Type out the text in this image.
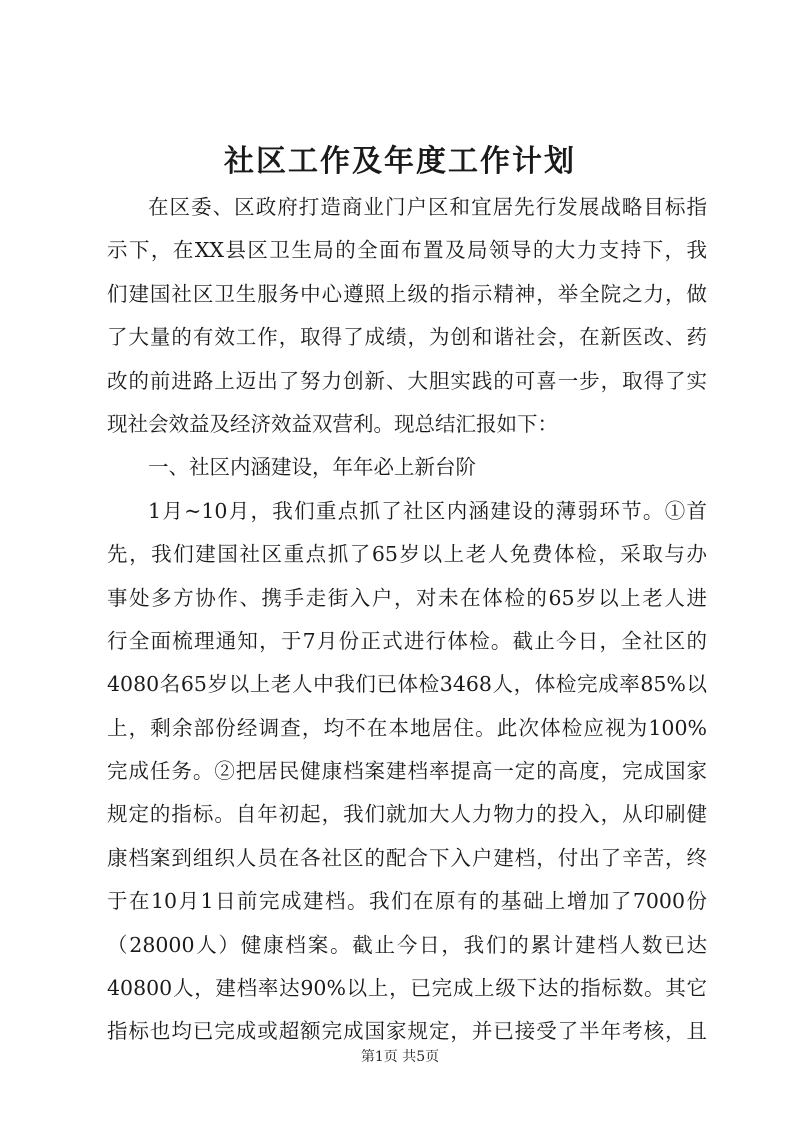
社区工作及年度工作计划
在区委、区政府打造商业门户区和宜居先行发展战略目标指
示下，在XX县区卫生局的全面布置及局领导的大力支持下，我
们建国社区卫生服务中心遵照上级的指示精神，举全院之力，做
了大量的有效工作，取得了成绩，为创和谐社会，在新医改、药
改的前进路上迈出了努力创新、大胆实践的可喜一步，取得了实
现社会效益及经济效益双营利。现总结汇报如下：
一、社区内涵建设，年年必上新台阶
1月~10月，我们重点抓了社区内涵建设的薄弱环节。①首
先，我们建国社区重点抓了65岁以上老人免费体检，采取与办
事处多方协作、携手走街入户，对未在体检的65岁以上老人进
行全面梳理通知，于7月份正式进行体检。截止今日，全社区的
4080名65岁以上老人中我们已体检3468人，体检完成率85%以
上，剩余部份经调查，均不在本地居住。此次体检应视为100%
完成任务。②把居民健康档案建档率提高一定的高度，完成国家
规定的指标。自年初起，我们就加大人力物力的投入，从印刷健
康档案到组织人员在各社区的配合下入户建档，付出了辛苦，终
于在10月1日前完成建档。我们在原有的基础上增加了7000份
（28000人）健康档案。截止今日，我们的累计建档人数已达
40800人，建档率达90%以上，已完成上级下达的指标数。其它
指标也均已完成或超额完成国家规定，并已接受了半年考核，且
第1页 共5页
